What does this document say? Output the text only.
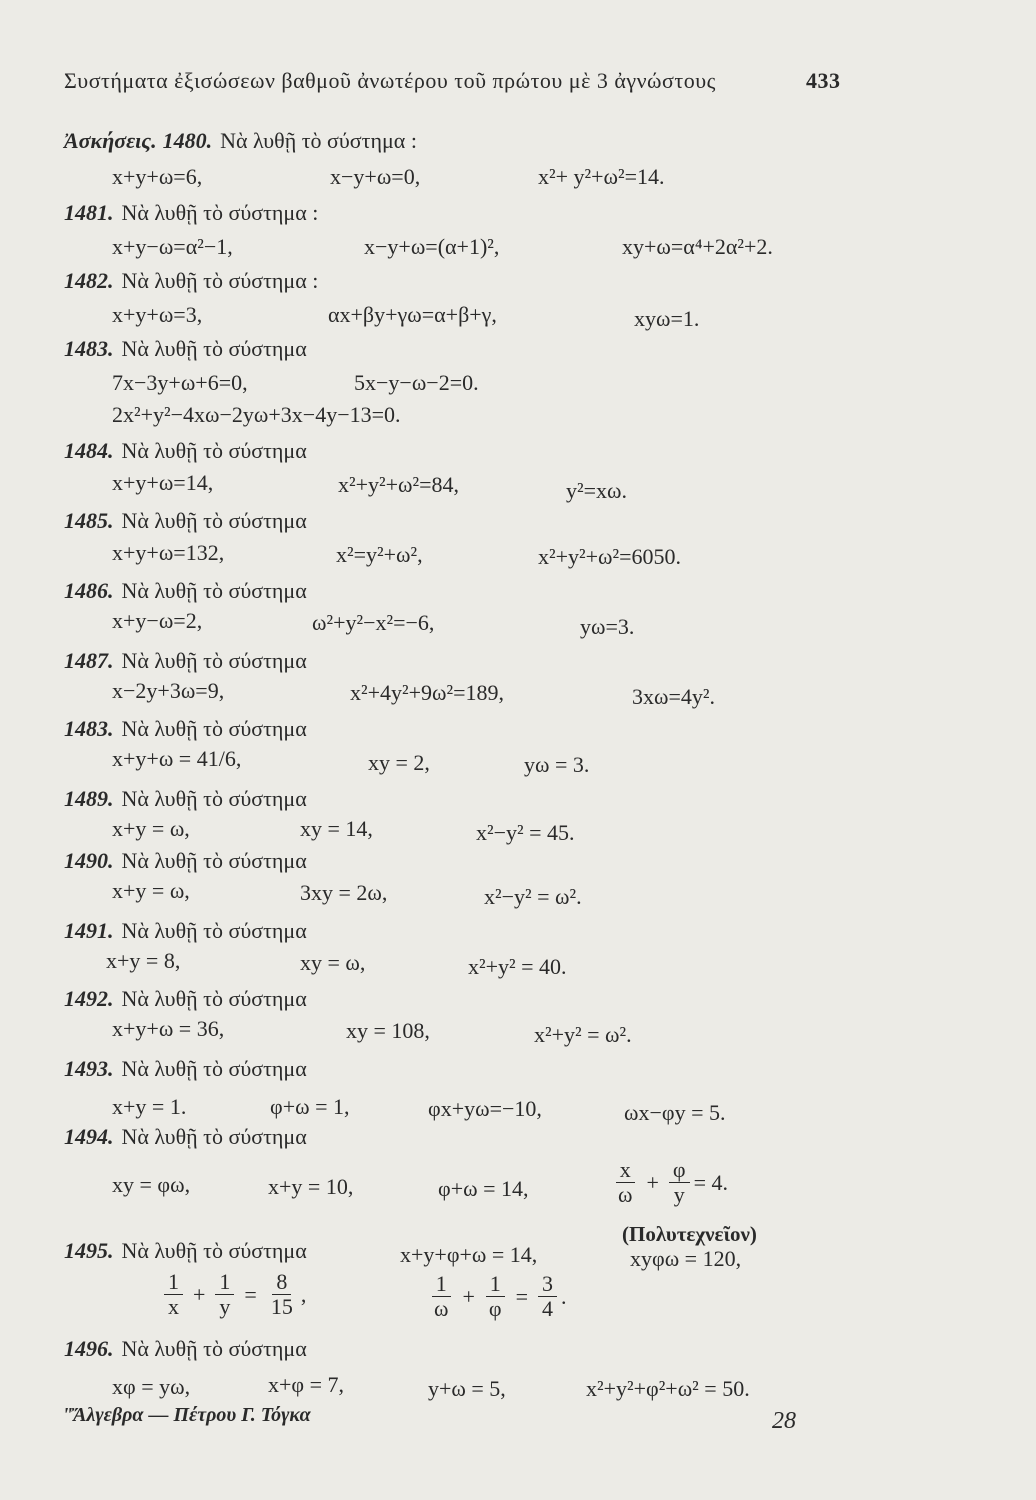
Συστήματα ἐξισώσεων βαθμοῦ ἀνωτέρου τοῦ πρώτου μὲ 3 ἀγνώστους	433
Ἀσκήσεις. 1480. Νὰ λυθῇ τὸ σύστημα :
x+y+ω=6,	x−y+ω=0,	x²+ y²+ω²=14.
1481. Νὰ λυθῇ τὸ σύστημα :
x+y−ω=α²−1,	x−y+ω=(α+1)²,	xy+ω=α⁴+2α²+2.
1482. Νὰ λυθῇ τὸ σύστημα :
x+y+ω=3,	αx+βy+γω=α+β+γ,	xyω=1.
1483. Νὰ λυθῇ τὸ σύστημα
7x−3y+ω+6=0,	5x−y−ω−2=0.
2x²+y²−4xω−2yω+3x−4y−13=0.
1484. Νὰ λυθῇ τὸ σύστημα
x+y+ω=14,	x²+y²+ω²=84,	y²=xω.
1485. Νὰ λυθῇ τὸ σύστημα
x+y+ω=132,	x²=y²+ω²,	x²+y²+ω²=6050.
1486. Νὰ λυθῇ τὸ σύστημα
x+y−ω=2,	ω²+y²−x²=−6,	yω=3.
1487. Νὰ λυθῇ τὸ σύστημα
x−2y+3ω=9,	x²+4y²+9ω²=189,	3xω=4y².
1483. Νὰ λυθῇ τὸ σύστημα
x+y+ω = 41/6,	xy = 2,	yω = 3.
1489. Νὰ λυθῇ τὸ σύστημα
x+y = ω,	xy = 14,	x²−y² = 45.
1490. Νὰ λυθῇ τὸ σύστημα
x+y = ω,	3xy = 2ω,	x²−y² = ω².
1491. Νὰ λυθῇ τὸ σύστημα
x+y = 8,	xy = ω,	x²+y² = 40.
1492. Νὰ λυθῇ τὸ σύστημα
x+y+ω = 36,	xy = 108,	x²+y² = ω².
1493. Νὰ λυθῇ τὸ σύστημα
x+y = 1.	φ+ω = 1,	φx+yω=−10,	ωx−φy = 5.
1494. Νὰ λυθῇ τὸ σύστημα
xy = φω,	x+y = 10,	φ+ω = 14,	$\frac{x}{\omega} + \frac{\varphi}{y} = 4$.
(Πολυτεχνεῖον)
1495. Νὰ λυθῇ τὸ σύστημα	x+y+φ+ω = 14,	xyφω = 120,
$\frac{1}{x} + \frac{1}{y} = \frac{8}{15}$ ,	$\frac{1}{\omega} + \frac{1}{\varphi} = \frac{3}{4}$ .
1496. Νὰ λυθῇ τὸ σύστημα
xφ = yω,	x+φ = 7,	y+ω = 5,	x²+y²+φ²+ω² = 50.
"Ἄλγεβρα — Πέτρου Γ. Τόγκα	28
